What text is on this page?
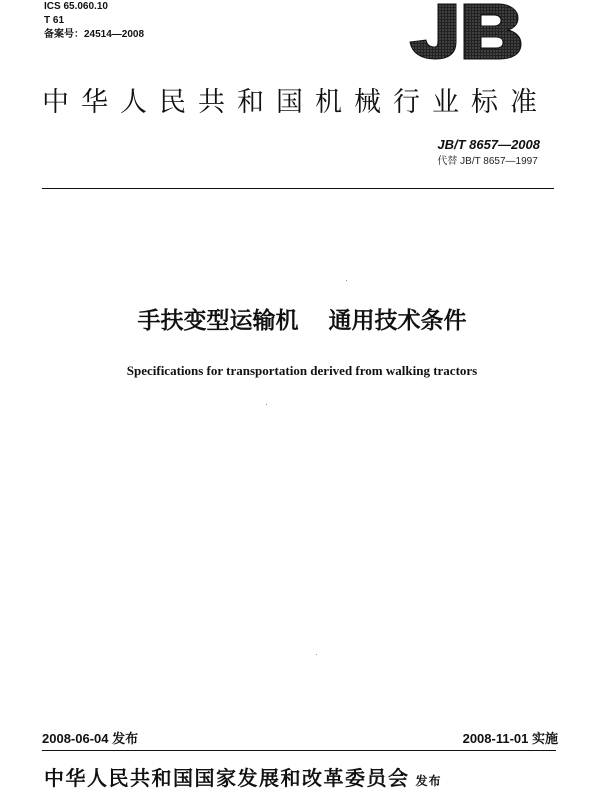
ICS 65.060.10
T 61
备案号：24514—2008
中华人民共和国机械行业标准
JB/T 8657—2008
代替 JB/T 8657—1997
手扶变型运输机 通用技术条件
Specifications for transportation derived from walking tractors
2008-06-04 发布	2008-11-01 实施
中华人民共和国国家发展和改革委员会 发布
